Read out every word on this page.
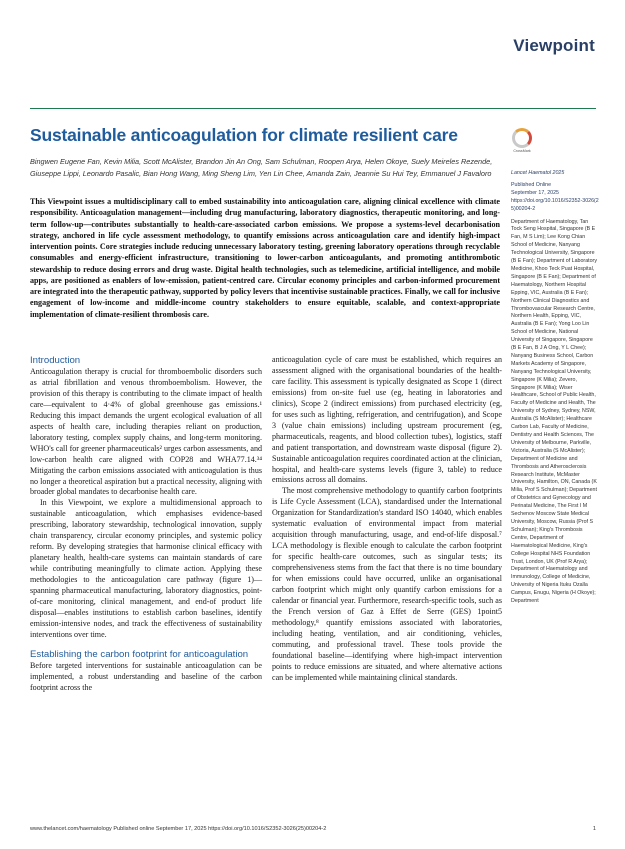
Viewpoint
Sustainable anticoagulation for climate resilient care
CrossMark
Bingwen Eugene Fan, Kevin Milia, Scott McAlister, Brandon Jin An Ong, Sam Schulman, Roopen Arya, Helen Okoye, Suely Meireles Rezende, Giuseppe Lippi, Leonardo Pasalic, Bian Hong Wang, Ming Sheng Lim, Yen Lin Chee, Amanda Zain, Jeannie Su Hui Tey, Emmanuel J Favaloro
This Viewpoint issues a multidisciplinary call to embed sustainability into anticoagulation care, aligning clinical excellence with climate responsibility. Anticoagulation management—including drug manufacturing, laboratory diagnostics, therapeutic monitoring, and long-term follow-up—contributes substantially to health-care-associated carbon emissions. We propose a systems-level decarbonisation strategy, anchored in life cycle assessment methodology, to quantify emissions across anticoagulation care and identify high-impact intervention points. Core strategies include reducing unnecessary laboratory testing, greening laboratory operations through recyclable consumables and energy-efficient infrastructure, transitioning to lower-carbon anticoagulants, and promoting antithrombotic stewardship to reduce dosing errors and drug waste. Digital health technologies, such as telemedicine, artificial intelligence, and mobile apps, are positioned as enablers of low-emission, patient-centred care. Circular economy principles and carbon-informed procurement are integrated into the therapeutic pathway, supported by policy levers that incentivise sustainable practices. Finally, we call for inclusive engagement of low-income and middle-income country stakeholders to ensure equitable, scalable, and context-appropriate implementation of climate-resilient thrombosis care.
Introduction

Anticoagulation therapy is crucial for thromboembolic disorders such as atrial fibrillation and venous thromboembolism. However, the provision of this therapy is contributing to the climate impact of health care—equivalent to 4·4% of global greenhouse gas emissions.¹ Reducing this impact demands the urgent ecological evaluation of all aspects of health care, including therapies reliant on production, laboratory testing, complex supply chains, and long-term monitoring. WHO's call for greener pharmaceuticals² urges carbon assessments, and low-carbon health care aligned with COP28 and WHA77.14.³⁴ Mitigating the carbon emissions associated with anticoagulation is thus no longer a theoretical aspiration but a practical necessity, aligning with broader global mandates to decarbonise health care.

In this Viewpoint, we explore a multidimensional approach to sustainable anticoagulation, which emphasises evidence-based prescribing, laboratory stewardship, technological innovation, supply chain transparency, circular economy principles, and systemic policy reform. By developing strategies that harmonise clinical efficacy with planetary health, health-care systems can maintain standards of care while contributing meaningfully to climate action. Applying these methodologies to the anticoagulation care pathway (figure 1)—spanning pharmaceutical manufacturing, laboratory diagnostics, point-of-care monitoring, clinical management, and end-of product life disposal—enables institutions to establish carbon baselines, identify emission-intensive nodes, and track the effectiveness of sustainability interventions over time.

Establishing the carbon footprint for anticoagulation

Before targeted interventions for sustainable anticoagulation can be implemented, a robust understanding and baseline of the carbon footprint across the

anticoagulation cycle of care must be established, which requires an assessment aligned with the organisational boundaries of the health-care facility. This assessment is typically designated as Scope 1 (direct emissions) from on-site fuel use (eg, heating in laboratories and clinics), Scope 2 (indirect emissions) from purchased electricity (eg, for uses such as lighting, refrigeration, and centrifugation), and Scope 3 (value chain emissions) including upstream procurement (eg, pharmaceuticals, reagents, and blood collection tubes), logistics, staff and patient transportation, and downstream waste disposal (figure 2). Sustainable anticoagulation requires coordinated action at the clinician, hospital, and health-care systems levels (figure 3, table) to reduce emissions across all domains.

The most comprehensive methodology to quantify carbon footprints is Life Cycle Assessment (LCA), standardised under the International Organization for Standardization's standard ISO 14040, which enables systematic evaluation of environmental impact from material acquisition through manufacturing, usage, and end-of-life disposal.⁷ LCA methodology is flexible enough to calculate the carbon footprint for specific health-care outcomes, such as singular tests; its comprehensiveness stems from the fact that there is no time boundary for when emissions could have occurred, unlike an organisational carbon footprint which might only quantify carbon emissions for a calendar or financial year. Furthermore, research-specific tools, such as the French version of Gaz à Effet de Serre (GES) 1point5 methodology,⁸ quantify emissions associated with laboratories, including heating, ventilation, and air conditioning, vehicles, commuting, and professional travel. These tools provide the foundational baseline—identifying where high-impact intervention points to reduce emissions are situated, and where alternative actions can be implemented while maintaining clinical standards.

Lancet Haematol 2025
Published Online
September 17, 2025
https://doi.org/10.1016/S2352-3026(25)00204-2
Department of Haematology, Tan Tock Seng Hospital, Singapore (B E Fan, M S Lim); Lee Kong Chian School of Medicine, Nanyang Technological University, Singapore (B E Fan); Department of Laboratory Medicine, Khoo Teck Puat Hospital, Singapore (B E Fan); Department of Haematology, Northern Hospital Epping, VIC, Australia (B E Fan); Northern Clinical Diagnostics and Thrombovascular Research Centre, Northern Health, Epping, VIC, Australia (B E Fan); Yong Loo Lin School of Medicine, National University of Singapore, Singapore (B E Fan, B J A Ong, Y L Chee); Nanyang Business School, Carbon Markets Academy of Singapore, Nanyang Technological University, Singapore (K Milia); Zevero, Singapore (K Milia); Wiser Healthcare, School of Public Health, Faculty of Medicine and Health, The University of Sydney, Sydney, NSW, Australia (S McAlister); Healthcare Carbon Lab, Faculty of Medicine, Dentistry and Health Sciences, The University of Melbourne, Parkville, Victoria, Australia (S McAlister); Department of Medicine and Thrombosis and Atherosclerosis Research Institute, McMaster University, Hamilton, ON, Canada (K Milia, Prof S Schulman); Department of Obstetrics and Gynecology and Perinatal Medicine, The First I M Sechenov Moscow State Medical University, Moscow, Russia (Prof S Schulman); King's Thrombosis Centre, Department of Haematological Medicine, King's College Hospital NHS Foundation Trust, London, UK (Prof R Arya); Department of Haematology and Immunology, College of Medicine, University of Nigeria Ituku Ozalla Campus, Enugu, Nigeria (H Okoye); Department
www.thelancet.com/haematology Published online September 17, 2025 https://doi.org/10.1016/S2352-3026(25)00204-2	1
